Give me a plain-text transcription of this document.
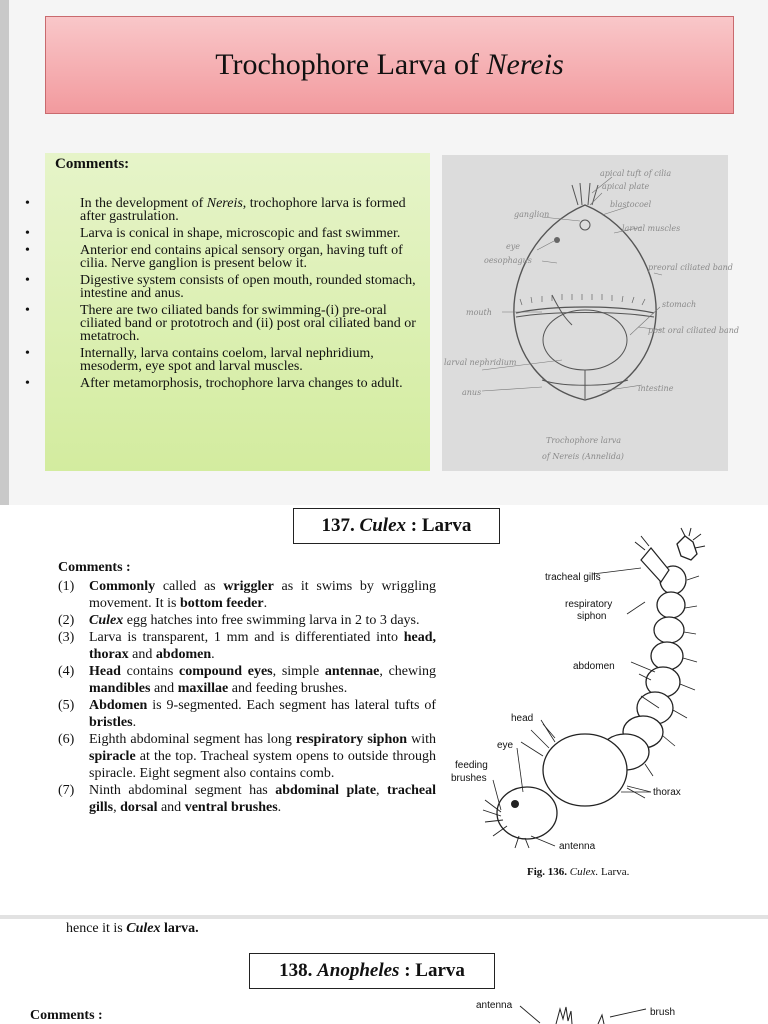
Trochophore Larva of Nereis
Comments:
•	In the development of Nereis, trochophore larva is formed after gastrulation.
•	Larva is conical in shape, microscopic and fast swimmer.
•	Anterior end contains apical sensory organ, having tuft of cilia. Nerve ganglion is present below it.
•	Digestive system consists of open mouth, rounded stomach, intestine and anus.
•	There are two ciliated bands for swimming-(i) pre-oral ciliated band or prototroch and (ii) post oral ciliated band or metatroch.
•	Internally, larva contains coelom, larval nephridium, mesoderm, eye spot and larval muscles.
•	After metamorphosis, trochophore larva changes to adult.
apical tuft of cilia
apical plate
blastocoel
ganglion
larval muscles
eye
oesophagus
preoral ciliated band
mouth
stomach
post oral ciliated band
larval nephridium
anus	intestine
Trochophore larva
of Nereis (Annelida)
137. Culex : Larva
Comments :
(1) Commonly called as wriggler as it swims by wriggling movement. It is bottom feeder.
(2) Culex egg hatches into free swimming larva in 2 to 3 days.
(3) Larva is transparent, 1 mm and is differentiated into head, thorax and abdomen.
(4) Head contains compound eyes, simple antennae, chewing mandibles and maxillae and feeding brushes.
(5) Abdomen is 9-segmented. Each segment has lateral tufts of bristles.
(6) Eighth abdominal segment has long respiratory siphon with spiracle at the top. Tracheal system opens to outside through spiracle. Eight segment also contains comb.
(7) Ninth abdominal segment has abdominal plate, tracheal gills, dorsal and ventral brushes.
tracheal gills
respiratory
siphon
abdomen
head
eye
feeding
brushes
thorax
antenna
Fig. 136. Culex. Larva.
hence it is Culex larva.
138. Anopheles : Larva
Comments :
antenna
brush
